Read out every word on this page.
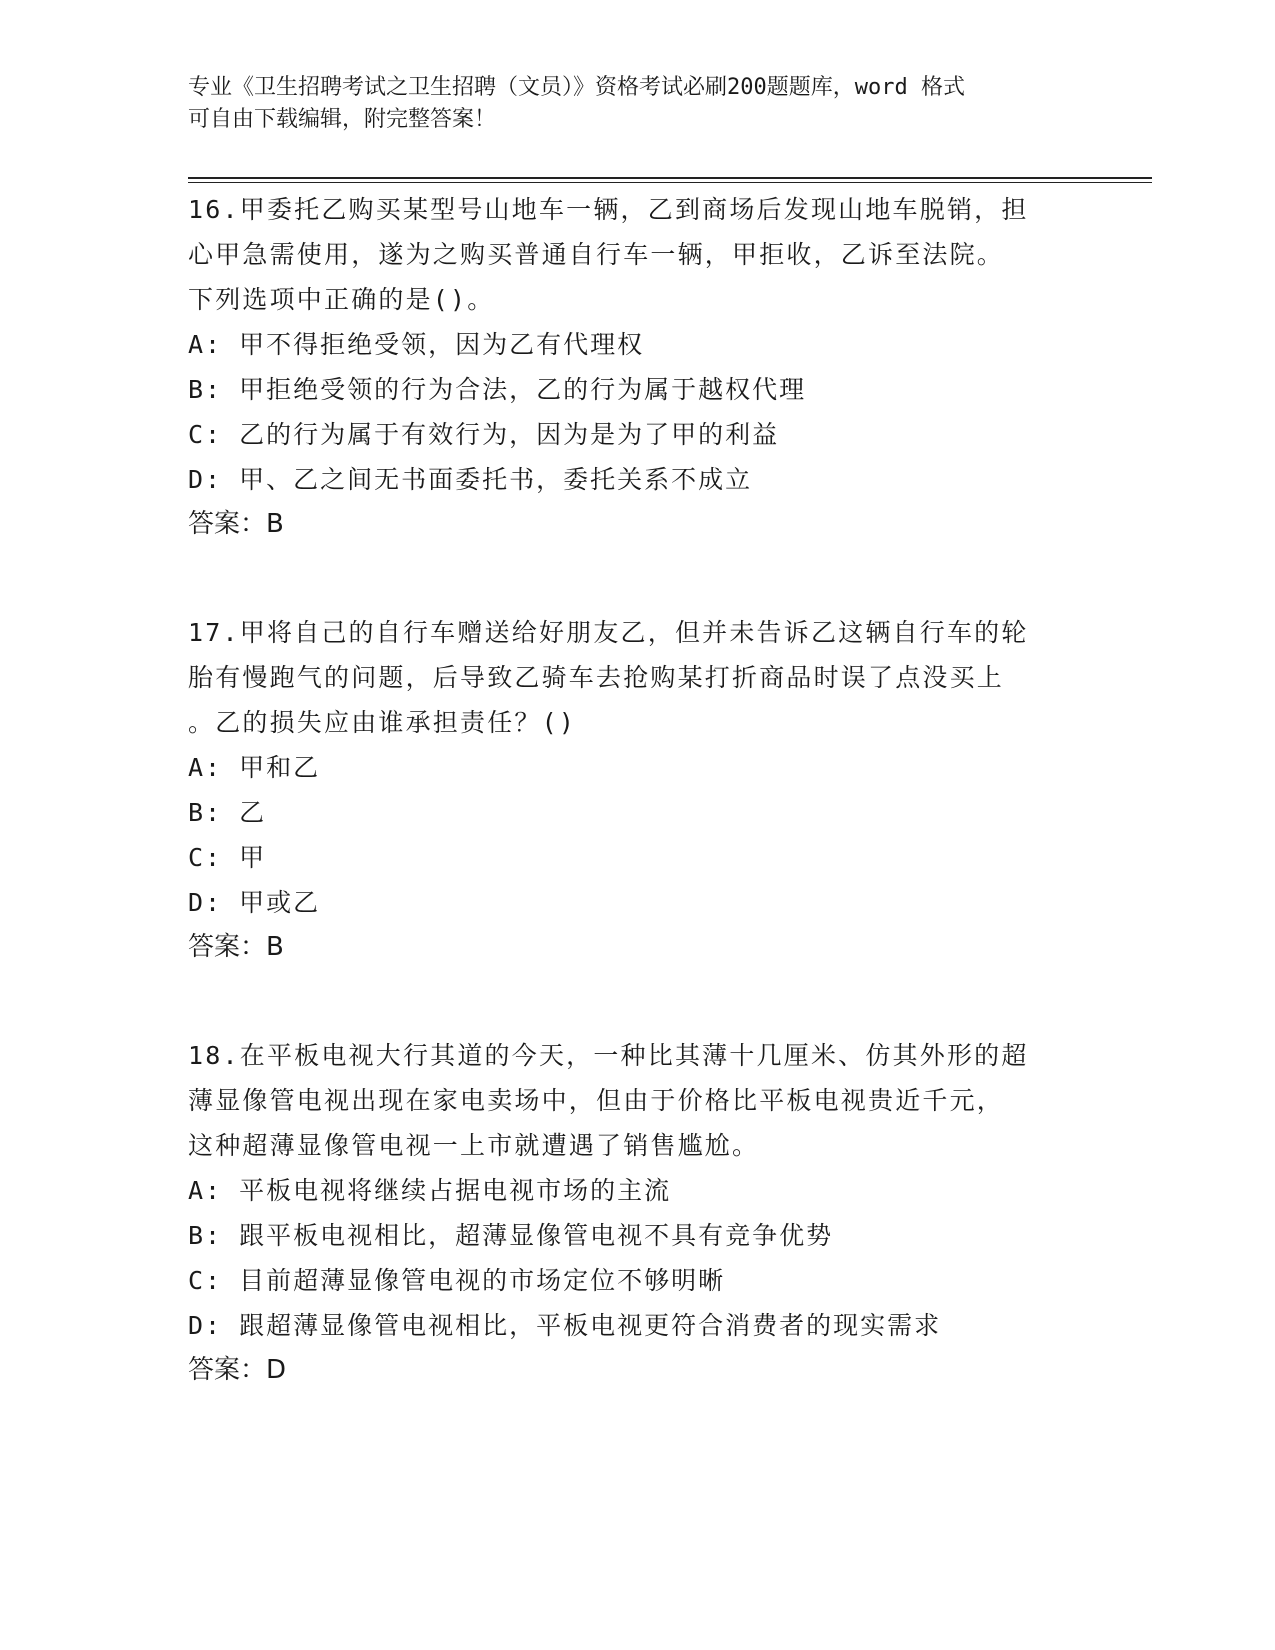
专业《卫生招聘考试之卫生招聘（文员）》资格考试必刷200题题库，word 格式
可自由下载编辑，附完整答案！
16.甲委托乙购买某型号山地车一辆，乙到商场后发现山地车脱销，担
心甲急需使用，遂为之购买普通自行车一辆，甲拒收，乙诉至法院。
下列选项中正确的是()。
A: 甲不得拒绝受领，因为乙有代理权
B: 甲拒绝受领的行为合法，乙的行为属于越权代理
C: 乙的行为属于有效行为，因为是为了甲的利益
D: 甲、乙之间无书面委托书，委托关系不成立
答案：B
17.甲将自己的自行车赠送给好朋友乙，但并未告诉乙这辆自行车的轮
胎有慢跑气的问题，后导致乙骑车去抢购某打折商品时误了点没买上
。乙的损失应由谁承担责任？()
A: 甲和乙
B: 乙
C: 甲
D: 甲或乙
答案：B
18.在平板电视大行其道的今天，一种比其薄十几厘米、仿其外形的超
薄显像管电视出现在家电卖场中，但由于价格比平板电视贵近千元，
这种超薄显像管电视一上市就遭遇了销售尴尬。
A: 平板电视将继续占据电视市场的主流
B: 跟平板电视相比，超薄显像管电视不具有竞争优势
C: 目前超薄显像管电视的市场定位不够明晰
D: 跟超薄显像管电视相比，平板电视更符合消费者的现实需求
答案：D
